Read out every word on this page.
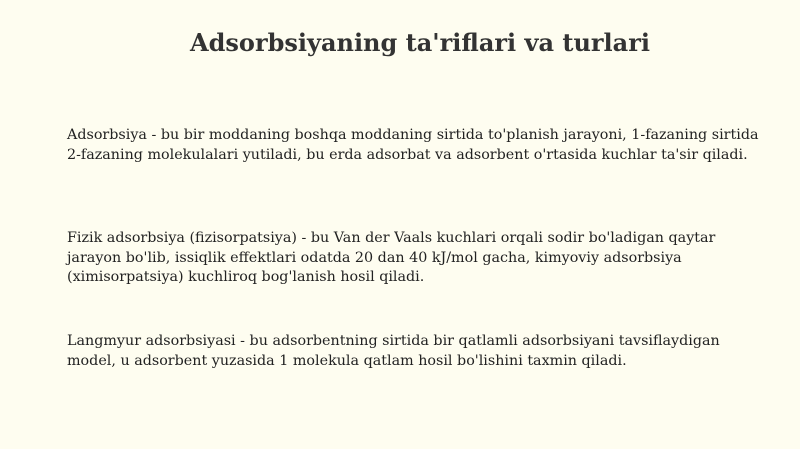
Adsorbsiyaning ta'riflari va turlari

Adsorbsiya - bu bir moddaning boshqa moddaning sirtida to'planish jarayoni, 1-fazaning sirtida 2-fazaning molekulalari yutiladi, bu erda adsorbat va adsorbent o'rtasida kuchlar ta'sir qiladi.

Fizik adsorbsiya (fizisorpatsiya) - bu Van der Vaals kuchlari orqali sodir bo'ladigan qaytar jarayon bo'lib, issiqlik effektlari odatda 20 dan 40 kJ/mol gacha, kimyoviy adsorbsiya (ximisorpatsiya) kuchliroq bog'lanish hosil qiladi.

Langmyur adsorbsiyasi - bu adsorbentning sirtida bir qatlamli adsorbsiyani tavsiflaydigan model, u adsorbent yuzasida 1 molekula qatlam hosil bo'lishini taxmin qiladi.
